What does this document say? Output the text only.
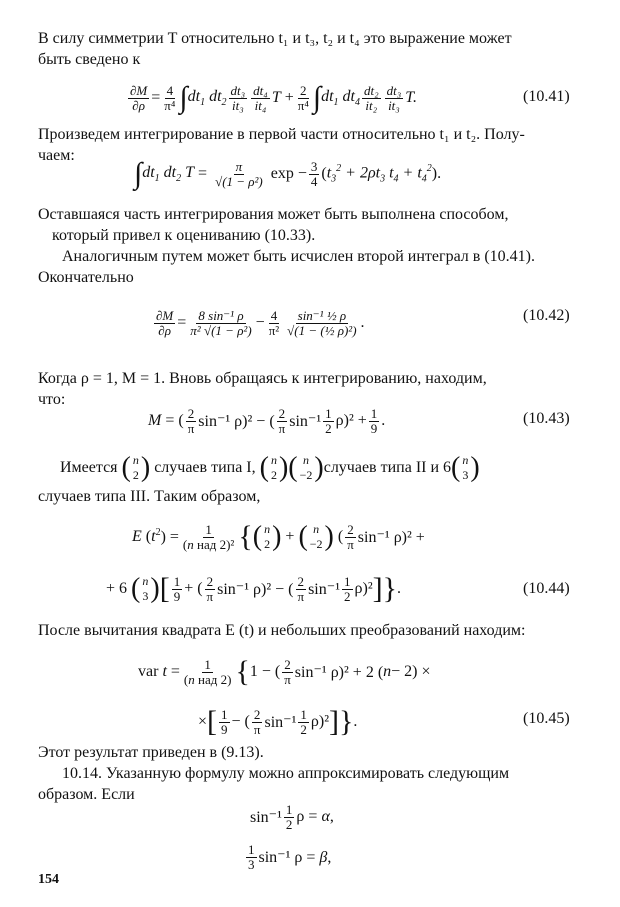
В силу симметрии T относительно t₁ и t₃, t₂ и t₄ это выражение может
быть сведено к
$\frac{\partial M}{\partial\rho} = \frac{4}{\text{π⁴}}$ ∫ $dt_1$ $dt_2 \frac{\text{dt₃}}{\text{it₃}} \frac{\text{dt₄}}{\text{it₄}}$ $T + \frac{2}{\text{π⁴}}$ ∫ $dt_1$ $dt_4 \frac{\text{dt₂}}{\text{it₂}} \frac{\text{dt₃}}{\text{it₃}} T$.	(10.41)
Произведем интегрирование в первой части относительно t₁ и t₂. Полу-
чаем:
∫ $dt_1$ $dt_2$ $T = \frac{\pi}{\text{√(1 − ρ²)}}$ $\exp - \frac{3}{4}$ ( $t_3^2 + 2\rho t_3$ $t_4 + t_4^2$ ).
Оставшаяся часть интегрирования может быть выполнена способом,
который привел к оцениванию (10.33).
Аналогичным путем может быть исчислен второй интеграл в (10.41).
Окончательно
$\frac{\partial M}{\partial\rho} = \frac{\text{8 sin⁻¹ ρ}}{\text{π² √(1 − ρ²)}} - \frac{4}{\text{π²}} \frac{\text{sin⁻¹ ½ ρ}}{\text{√(1 − (½ ρ)²)}}$ .	(10.42)
Когда ρ = 1, M = 1. Вновь обращаясь к интегрированию, находим,
что:
M = ( $\frac{2}{\pi} \sin^{-1}$ ρ)² − ( $\frac{2}{\pi} \sin^{-1} \frac{1}{2} \rho)^2 + \frac{1}{9}$ .	(10.43)
Имеется
( n
2 )
случаев типа I,
( n
2 ) ( n
−2 ) случаев типа II и 6 ( n
3 )
случаев типа III. Таким образом,
E ( t $^2) = \frac{1}{\text{(n над 2)²}}$ { ( n
2 ) + ( n
−2 ) ( $\frac{2}{\pi} \sin^{-1}$ ρ)² +
+ 6 ( n
3 ) [ $\frac{1}{9}$ + ( $\frac{2}{\pi} \sin^{-1}$ ρ)² − ( $\frac{2}{\pi} \sin^{-1} \frac{1}{2} \rho)^2$ ]} .	(10.44)
После вычитания квадрата E (t) и небольших преобразований находим:
var $t = \frac{1}{\text{(n над 2)}}$ { 1 − ( $\frac{2}{\pi} \sin^{-1}$ ρ)² + 2 ( n − 2) ×
× [ $\frac{1}{9}$ − ( $\frac{2}{\pi} \sin^{-1} \frac{1}{2} \rho)^2$ ]} .	(10.45)
Этот результат приведен в (9.13).
10.14. Указанную формулу можно аппроксимировать следующим
образом. Если
$\sin^{-1} \frac{1}{2}$ ρ = α,
$\frac{1}{3} \sin^{-1}$ ρ = β,
154
